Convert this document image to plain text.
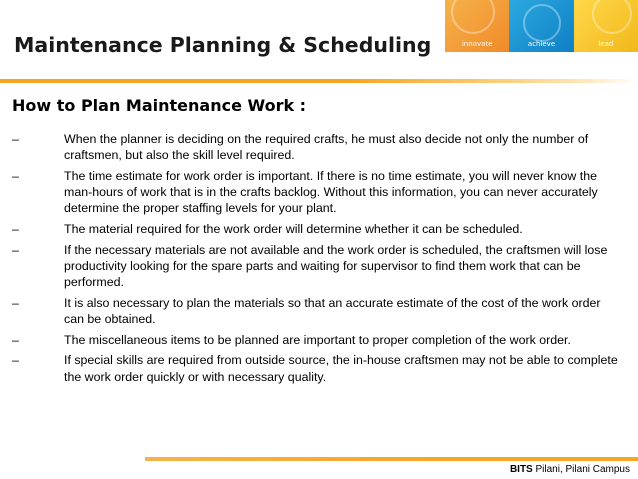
innovate	achieve	lead
Maintenance Planning & Scheduling
How to Plan Maintenance Work :
–	When the planner is deciding on the required crafts, he must also decide not only the number of craftsmen, but also the skill level required.
–	The time estimate for work order is important. If there is no time estimate, you will never know the man-hours of work that is in the crafts backlog. Without this information, you can never accurately determine the proper staffing levels for your plant.
–	The material required for the work order will determine whether it can be scheduled.
–	If the necessary materials are not available and the work order is scheduled, the craftsmen will lose productivity looking for the spare parts and waiting for supervisor to find them work that can be performed.
–	It is also necessary to plan the materials so that an accurate estimate of the cost of the work order can be obtained.
–	The miscellaneous items to be planned are important to proper completion of the work order.
–	If special skills are required from outside source, the in-house craftsmen may not be able to complete the work order quickly or with necessary quality.
BITS Pilani, Pilani Campus
